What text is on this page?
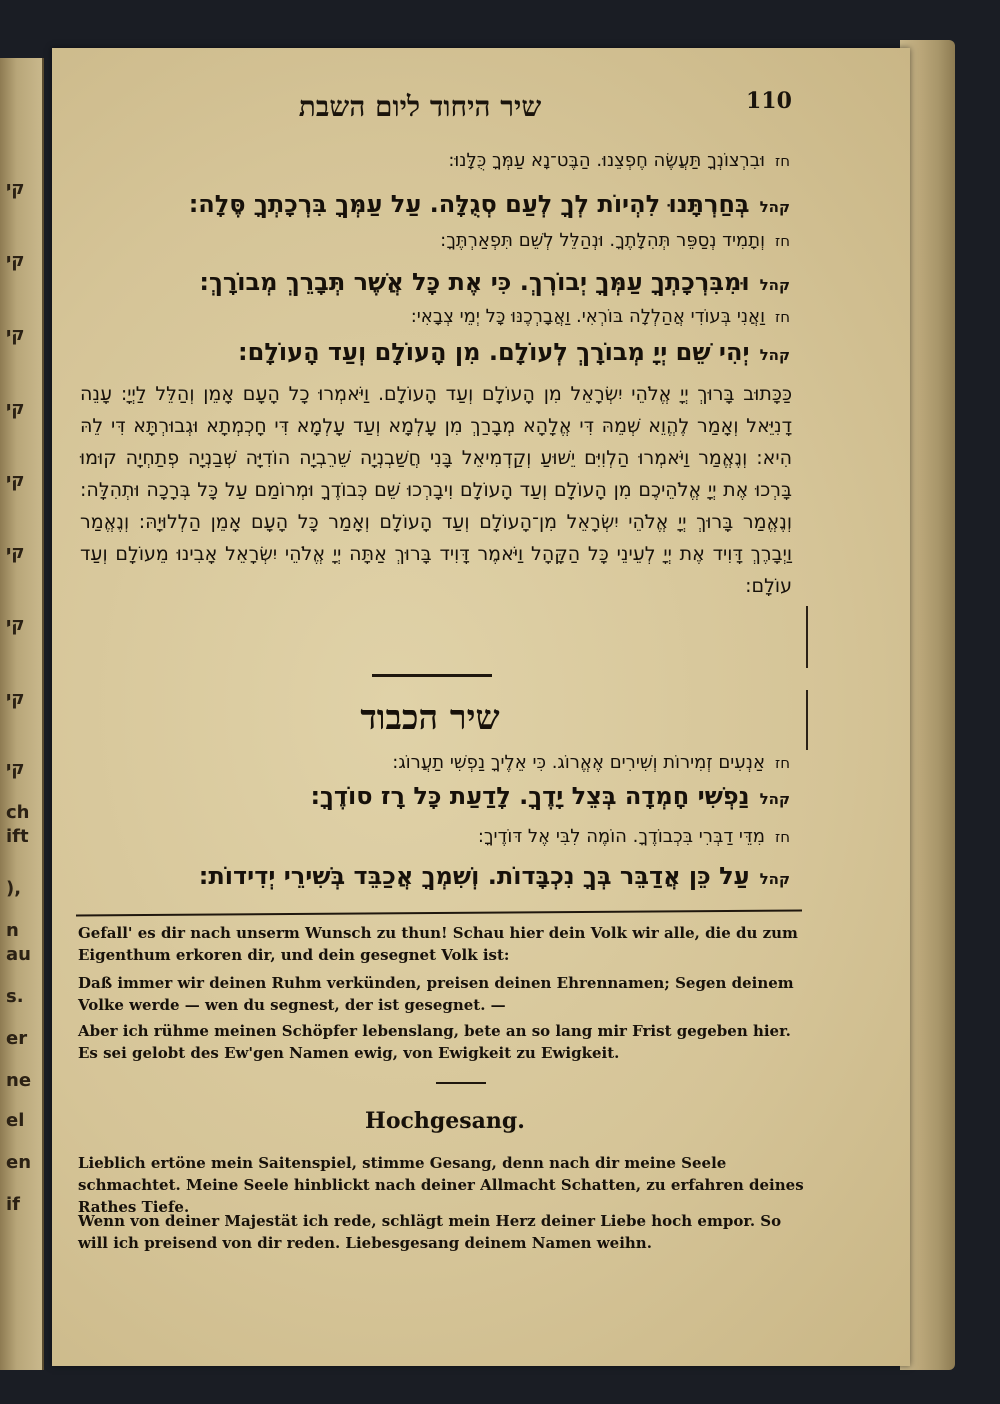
קי
קי
קי
קי
קי
קי
קי
קי
קי
ch
ift
),
n
au
s.
er
ne
el
en
if
שיר היחוד ליום השבת	110
חזוּבִרְצוֹנְךָ תַּעֲשֶׂה חֶפְצֵנוּ. הַבֶּט־נָא עַמְּךָ כֻּלָּנוּ:
קהלבְּחַרְתָּנוּ לִהְיוֹת לְךָ לְעַם סְגֻלָּה. עַל עַמְּךָ בִּרְכָתְךָ סֶּלָה:
חזוְתָמִיד נְסַפֵּר תְּהִלָּתֶךָ. וּנְהַלֵּל לְשֵׁם תִּפְאַרְתֶּךָ:
קהלוּמִבִּרְכָתְךָ עַמְּךָ יְבוֹרְךְ. כִּי אֶת כָּל אֲשֶׁר תְּבָרֵךְ מְבוֹרָךְ:
חזוַאֲנִי בְּעוֹדִי אֲהַלְלָה בּוֹרְאִי. וַאֲבָרְכֶנּוּ כָּל יְמֵי צְבָאִי:
קהליְהִי שֵׁם יְיָ מְבוֹרָךְ לְעוֹלָם. מִן הָעוֹלָם וְעַד הָעוֹלָם:
כַּכָּתוּב בָּרוּךְ יְיָ אֱלֹהֵי יִשְׂרָאֵל מִן הָעוֹלָם וְעַד הָעוֹלָם. וַיֹּאמְרוּ כָל הָעָם אָמֵן וְהַלֵּל לַיְיָ: עָנֵה דָנִיֵּאל וְאָמַר לֶהֱוֵא שְׁמֵהּ דִּי אֱלָהָא מְבָרַךְ מִן עָלְמָא וְעַד עָלְמָא דִּי חָכְמְתָא וּגְבוּרְתָּא דִּי לֵהּ הִיא: וְנֶאֱמַר וַיֹּאמְרוּ הַלְוִיִּם יֵשׁוּעַ וְקַדְמִיאֵל בָּנִי חֲשַׁבְנְיָה שֵׁרֵבְיָה הוֹדִיָּה שְׁבַנְיָה פְתַחְיָה קוּמוּ בָּרְכוּ אֶת יְיָ אֱלֹהֵיכֶם מִן הָעוֹלָם וְעַד הָעוֹלָם וִיבָרְכוּ שֵׁם כְּבוֹדֶךָ וּמְרוֹמַם עַל כָּל בְּרָכָה וּתְהִלָּה: וְנֶאֱמַר בָּרוּךְ יְיָ אֱלֹהֵי יִשְׂרָאֵל מִן־הָעוֹלָם וְעַד הָעוֹלָם וְאָמַר כָּל הָעָם אָמֵן הַלְלוּיָהּ: וְנֶאֱמַר וַיְבָרֶךְ דָּוִיד אֶת יְיָ לְעֵינֵי כָּל הַקָּהָל וַיֹּאמֶר דָּוִיד בָּרוּךְ אַתָּה יְיָ אֱלֹהֵי יִשְׂרָאֵל אָבִינוּ מֵעוֹלָם וְעַד עוֹלָם:
שיר הכבוד
חזאַנְעִים זְמִירוֹת וְשִׁירִים אֶאֱרוֹג. כִּי אֵלֶיךָ נַפְשִׁי תַעֲרוֹג:
קהלנַפְשִׁי חָמְדָה בְּצֵל יָדֶךָ. לָדַעַת כָּל רָז סוֹדֶךָ:
חזמִדֵּי דַבְּרִי בִּכְבוֹדֶךָ. הוֹמֶה לִבִּי אֶל דּוֹדֶיךָ:
קהלעַל כֵּן אֲדַבֵּר בְּךָ נִכְבָּדוֹת. וְשִׁמְךָ אֲכַבֵּד בְּשִׁירֵי יְדִידוֹת:
Gefall' es dir nach unserm Wunsch zu thun! Schau hier dein Volk wir alle, die du zum Eigenthum erkoren dir, und dein gesegnet Volk ist:
Daß immer wir deinen Ruhm verkünden, preisen deinen Ehrennamen; Segen deinem Volke werde — wen du segnest, der ist gesegnet. —
Aber ich rühme meinen Schöpfer lebenslang, bete an so lang mir Frist gegeben hier. Es sei gelobt des Ew'gen Namen ewig, von Ewigkeit zu Ewigkeit.
Hochgesang.
Lieblich ertöne mein Saitenspiel, stimme Gesang, denn nach dir meine Seele schmachtet. Meine Seele hinblickt nach deiner Allmacht Schatten, zu erfahren deines Rathes Tiefe.
Wenn von deiner Majestät ich rede, schlägt mein Herz deiner Liebe hoch empor. So will ich preisend von dir reden. Liebesgesang deinem Namen weihn.
